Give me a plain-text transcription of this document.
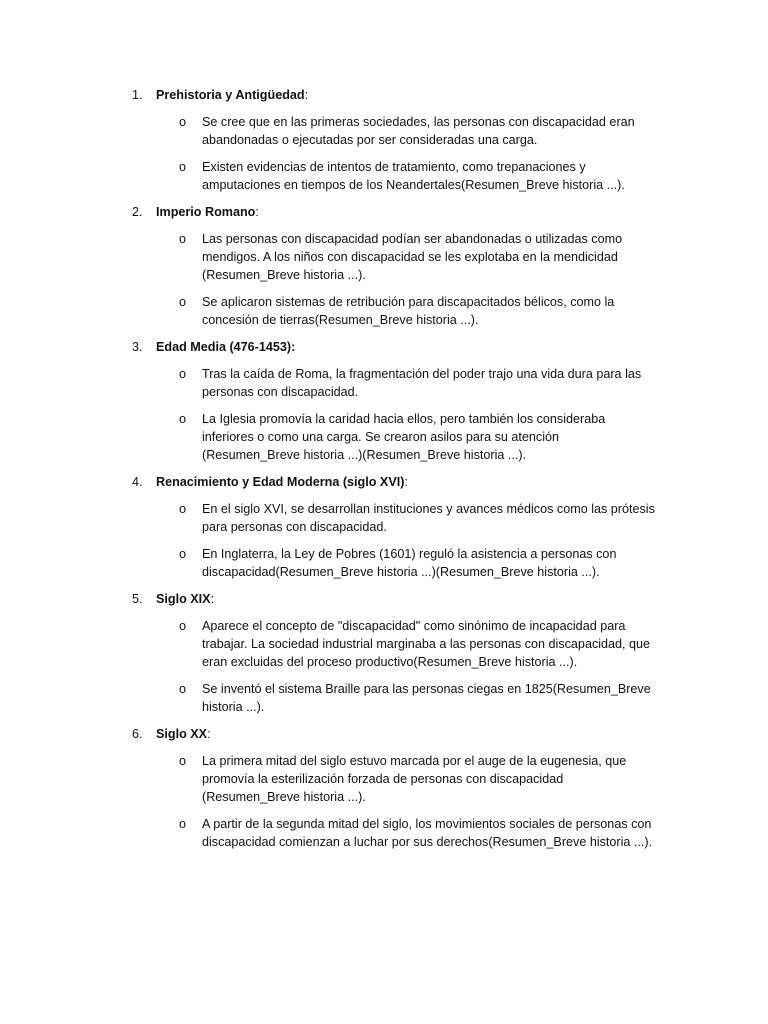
1. Prehistoria y Antigüedad:
o Se cree que en las primeras sociedades, las personas con discapacidad eran abandonadas o ejecutadas por ser consideradas una carga.
o Existen evidencias de intentos de tratamiento, como trepanaciones y amputaciones en tiempos de los Neandertales(Resumen_Breve historia ...).
2. Imperio Romano:
o Las personas con discapacidad podían ser abandonadas o utilizadas como mendigos. A los niños con discapacidad se les explotaba en la mendicidad (Resumen_Breve historia ...).
o Se aplicaron sistemas de retribución para discapacitados bélicos, como la concesión de tierras(Resumen_Breve historia ...).
3. Edad Media (476-1453):
o Tras la caída de Roma, la fragmentación del poder trajo una vida dura para las personas con discapacidad.
o La Iglesia promovía la caridad hacia ellos, pero también los consideraba inferiores o como una carga. Se crearon asilos para su atención (Resumen_Breve historia ...)(Resumen_Breve historia ...).
4. Renacimiento y Edad Moderna (siglo XVI):
o En el siglo XVI, se desarrollan instituciones y avances médicos como las prótesis para personas con discapacidad.
o En Inglaterra, la Ley de Pobres (1601) reguló la asistencia a personas con discapacidad(Resumen_Breve historia ...)(Resumen_Breve historia ...).
5. Siglo XIX:
o Aparece el concepto de "discapacidad" como sinónimo de incapacidad para trabajar. La sociedad industrial marginaba a las personas con discapacidad, que eran excluidas del proceso productivo(Resumen_Breve historia ...).
o Se inventó el sistema Braille para las personas ciegas en 1825(Resumen_Breve historia ...).
6. Siglo XX:
o La primera mitad del siglo estuvo marcada por el auge de la eugenesia, que promovía la esterilización forzada de personas con discapacidad (Resumen_Breve historia ...).
o A partir de la segunda mitad del siglo, los movimientos sociales de personas con discapacidad comienzan a luchar por sus derechos(Resumen_Breve historia ...).
